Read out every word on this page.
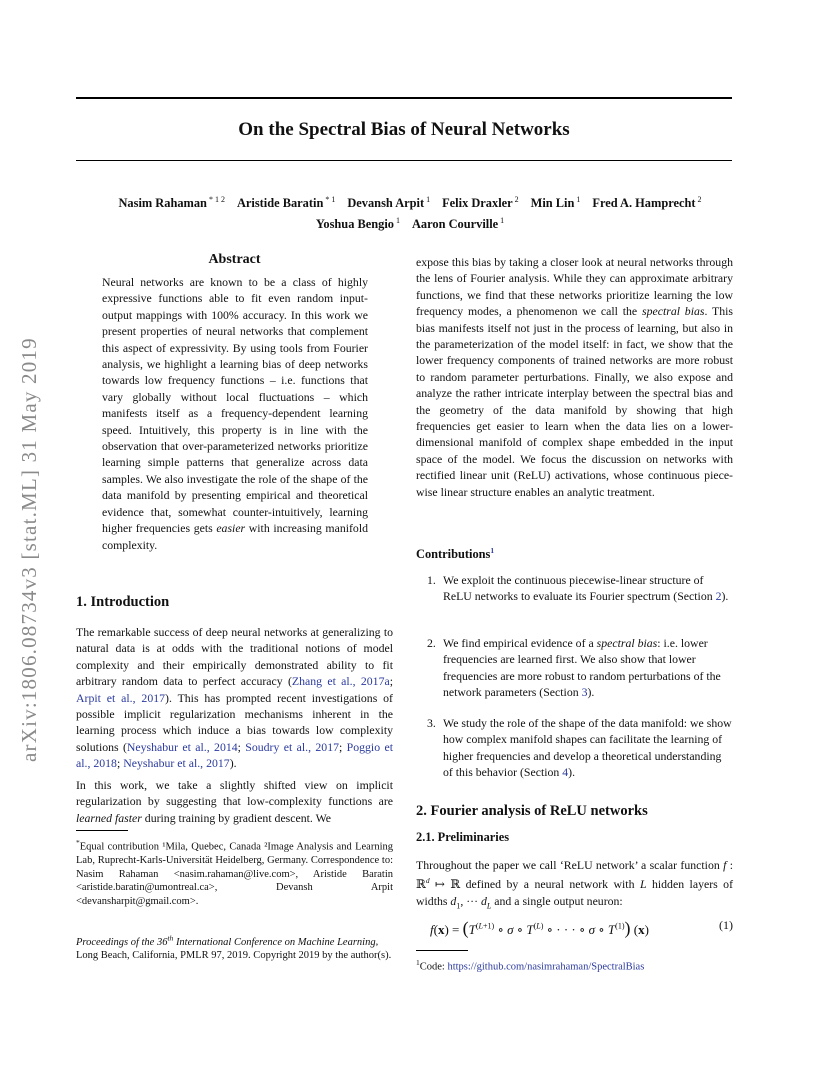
On the Spectral Bias of Neural Networks
Nasim Rahaman $^{* 1 2}$ Aristide Baratin $^{* 1}$ Devansh Arpit $^1$ Felix Draxler $^2$ Min Lin $^1$ Fred A. Hamprecht $^2$
Yoshua Bengio $^1$ Aaron Courville $^1$
arXiv:1806.08734v3 [stat.ML] 31 May 2019
Abstract
Neural networks are known to be a class of highly expressive functions able to fit even random input-output mappings with 100% accuracy. In this work we present properties of neural networks that complement this aspect of expressivity. By using tools from Fourier analysis, we highlight a learning bias of deep networks towards low frequency functions – i.e. functions that vary globally without local fluctuations – which manifests itself as a frequency-dependent learning speed. Intuitively, this property is in line with the observation that over-parameterized networks prioritize learning simple patterns that generalize across data samples. We also investigate the role of the shape of the data manifold by presenting empirical and theoretical evidence that, somewhat counter-intuitively, learning higher frequencies gets easier with increasing manifold complexity.
1. Introduction

The remarkable success of deep neural networks at generalizing to natural data is at odds with the traditional notions of model complexity and their empirically demonstrated ability to fit arbitrary random data to perfect accuracy (Zhang et al., 2017a; Arpit et al., 2017). This has prompted recent investigations of possible implicit regularization mechanisms inherent in the learning process which induce a bias towards low complexity solutions (Neyshabur et al., 2014; Soudry et al., 2017; Poggio et al., 2018; Neyshabur et al., 2017).

In this work, we take a slightly shifted view on implicit regularization by suggesting that low-complexity functions are learned faster during training by gradient descent. We

*Equal contribution ¹Mila, Quebec, Canada ²Image Analysis and Learning Lab, Ruprecht-Karls-Universität Heidelberg, Germany. Correspondence to: Nasim Rahaman <nasim.rahaman@live.com>, Aristide Baratin <aristide.baratin@umontreal.ca>, Devansh Arpit <devansharpit@gmail.com>.
Proceedings of the 36th International Conference on Machine Learning, Long Beach, California, PMLR 97, 2019. Copyright 2019 by the author(s).

expose this bias by taking a closer look at neural networks through the lens of Fourier analysis. While they can approximate arbitrary functions, we find that these networks prioritize learning the low frequency modes, a phenomenon we call the spectral bias. This bias manifests itself not just in the process of learning, but also in the parameterization of the model itself: in fact, we show that the lower frequency components of trained networks are more robust to random parameter perturbations. Finally, we also expose and analyze the rather intricate interplay between the spectral bias and the geometry of the data manifold by showing that high frequencies get easier to learn when the data lies on a lower-dimensional manifold of complex shape embedded in the input space of the model. We focus the discussion on networks with rectified linear unit (ReLU) activations, whose continuous piece-wise linear structure enables an analytic treatment.

Contributions$^1$
1. We exploit the continuous piecewise-linear structure of ReLU networks to evaluate its Fourier spectrum (Section 2).
2. We find empirical evidence of a spectral bias: i.e. lower frequencies are learned first. We also show that lower frequencies are more robust to random perturbations of the network parameters (Section 3).
3. We study the role of the shape of the data manifold: we show how complex manifold shapes can facilitate the learning of higher frequencies and develop a theoretical understanding of this behavior (Section 4).
2. Fourier analysis of ReLU networks
2.1. Preliminaries

Throughout the paper we call ‘ReLU network’ a scalar function f : ℝ$^d$ ↦ ℝ defined by a neural network with L hidden layers of widths $d_1$, ··· $d_L$ and a single output neuron:

$f(x) = (T^{(L+1)}$ ∘ σ ∘ $T^{(L)}$ ∘ · · · ∘ σ ∘ $T^{(1)}$) (x)	(1)
$^1$Code: https://github.com/nasimrahaman/SpectralBias
